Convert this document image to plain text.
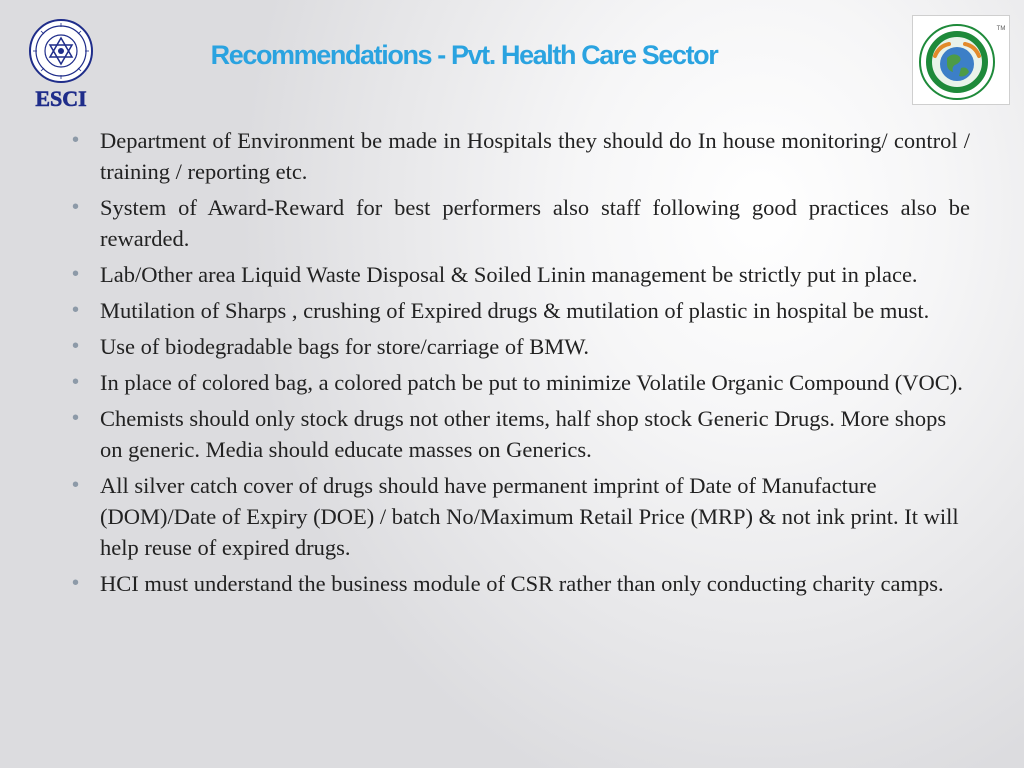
ESCI
Recommendations - Pvt. Health Care Sector
TM
• Department of Environment be made in Hospitals they should do In house monitoring/ control / training / reporting etc.
• System of Award-Reward for best performers also staff following good practices also be rewarded.
• Lab/Other area Liquid Waste Disposal & Soiled Linin management be strictly put in place.
• Mutilation of Sharps , crushing of Expired drugs & mutilation of plastic in hospital be must.
• Use of biodegradable bags for store/carriage of BMW.
• In place of colored bag, a colored patch be put to minimize Volatile Organic Compound (VOC).
• Chemists should only stock drugs not other items, half shop stock Generic Drugs. More shops on generic. Media should educate masses on Generics.
• All silver catch cover of drugs should have permanent imprint of Date of Manufacture (DOM)/Date of Expiry (DOE) / batch No/Maximum Retail Price (MRP) & not ink print. It will help reuse of expired drugs.
• HCI must understand the business module of CSR rather than only conducting charity camps.
